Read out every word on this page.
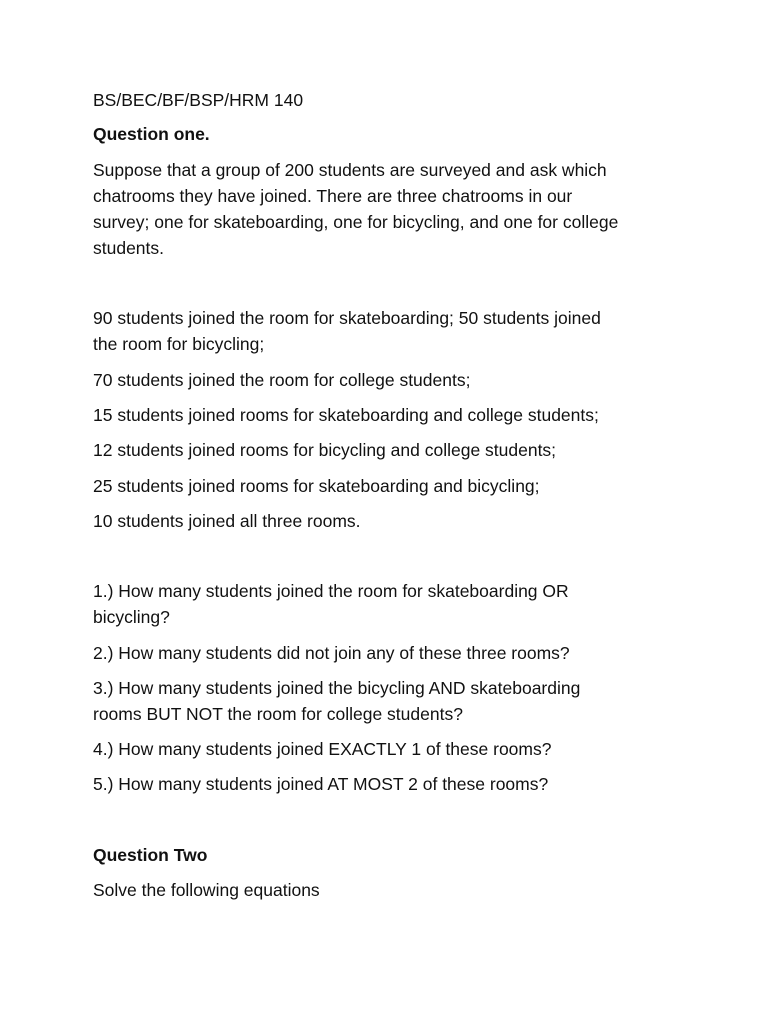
BS/BEC/BF/BSP/HRM 140
Question one.
Suppose that a group of 200 students are surveyed and ask which
chatrooms they have joined. There are three chatrooms in our
survey; one for skateboarding, one for bicycling, and one for college
students.
90 students joined the room for skateboarding; 50 students joined
the room for bicycling;
70 students joined the room for college students;
15 students joined rooms for skateboarding and college students;
12 students joined rooms for bicycling and college students;
25 students joined rooms for skateboarding and bicycling;
10 students joined all three rooms.
1.) How many students joined the room for skateboarding OR
bicycling?
2.) How many students did not join any of these three rooms?
3.) How many students joined the bicycling AND skateboarding
rooms BUT NOT the room for college students?
4.) How many students joined EXACTLY 1 of these rooms?
5.) How many students joined AT MOST 2 of these rooms?
Question Two
Solve the following equations
